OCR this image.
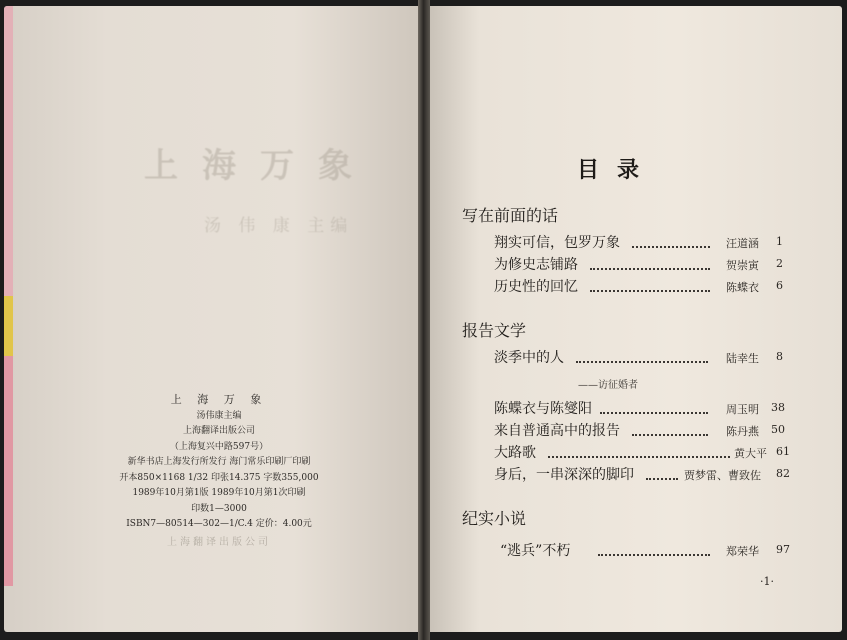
上海万象
汤 伟 康 主编
上 海 万 象
汤伟康主编
上海翻译出版公司
（上海复兴中路597号）
新华书店上海发行所发行 海门常乐印刷厂印刷
开本850×1168 1/32 印张14.375 字数355,000
1989年10月第1版 1989年10月第1次印刷
印数1—3000
ISBN7—80514—302—1/C.4 定价：4.00元
上海翻译出版公司
目录
写在前面的话
翔实可信，包罗万象	汪道涵 1
为修史志铺路	贺崇寅 2
历史性的回忆	陈蝶衣 6
报告文学
淡季中的人	陆幸生 8
——访征婚者
陈蝶衣与陈燮阳	周玉明 38
来自普通高中的报告	陈丹燕 50
大路歌	黄大平 61
身后，一串深深的脚印	贾梦雷、曹致佐 82
纪实小说
“逃兵”不朽	郑荣华 97
·1·
